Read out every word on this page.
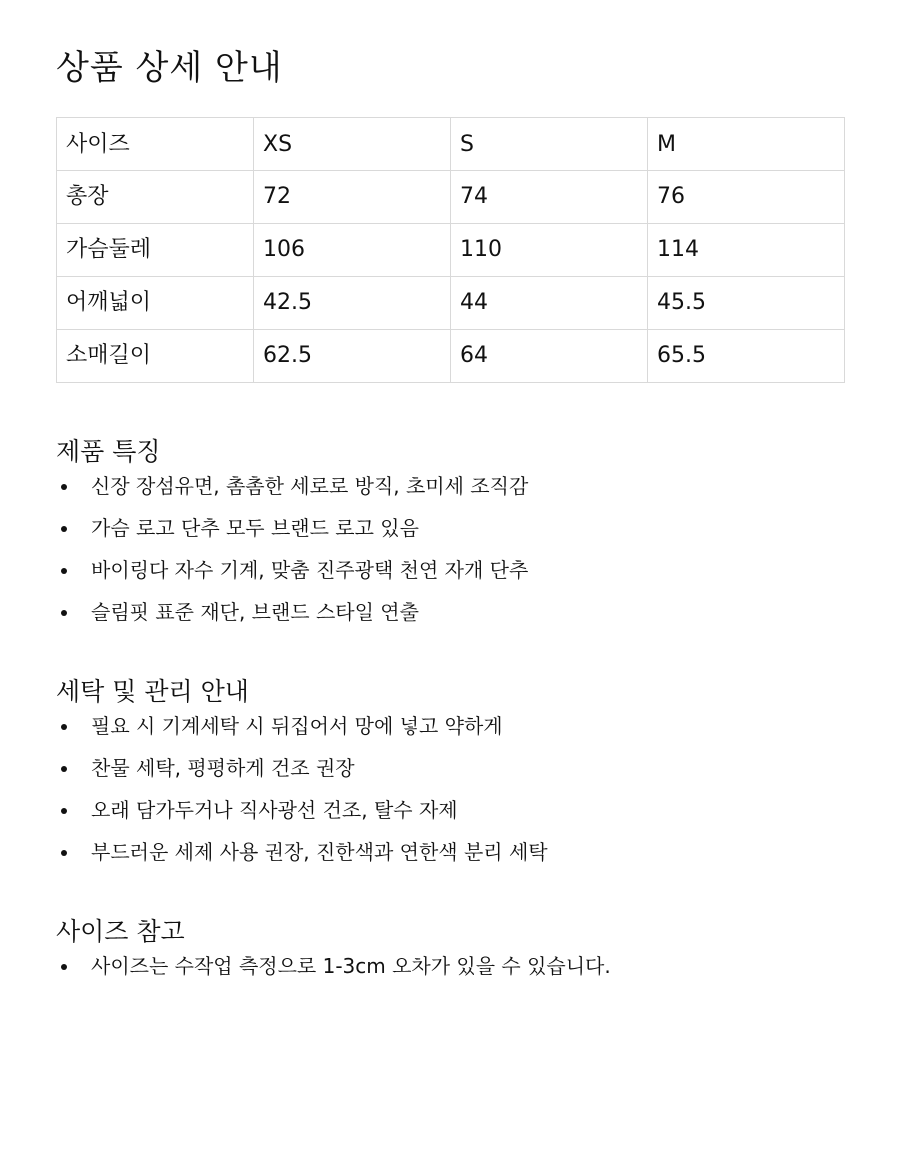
상품 상세 안내
사이즈	XS	S	M
총장	72	74	76
가슴둘레	106	110	114
어깨넓이	42.5	44	45.5
소매길이	62.5	64	65.5
제품 특징
신장 장섬유면, 촘촘한 세로로 방직, 초미세 조직감
가슴 로고 단추 모두 브랜드 로고 있음
바이링다 자수 기계, 맞춤 진주광택 천연 자개 단추
슬림핏 표준 재단, 브랜드 스타일 연출
세탁 및 관리 안내
필요 시 기계세탁 시 뒤집어서 망에 넣고 약하게
찬물 세탁, 평평하게 건조 권장
오래 담가두거나 직사광선 건조, 탈수 자제
부드러운 세제 사용 권장, 진한색과 연한색 분리 세탁
사이즈 참고
사이즈는 수작업 측정으로 1-3cm 오차가 있을 수 있습니다.
